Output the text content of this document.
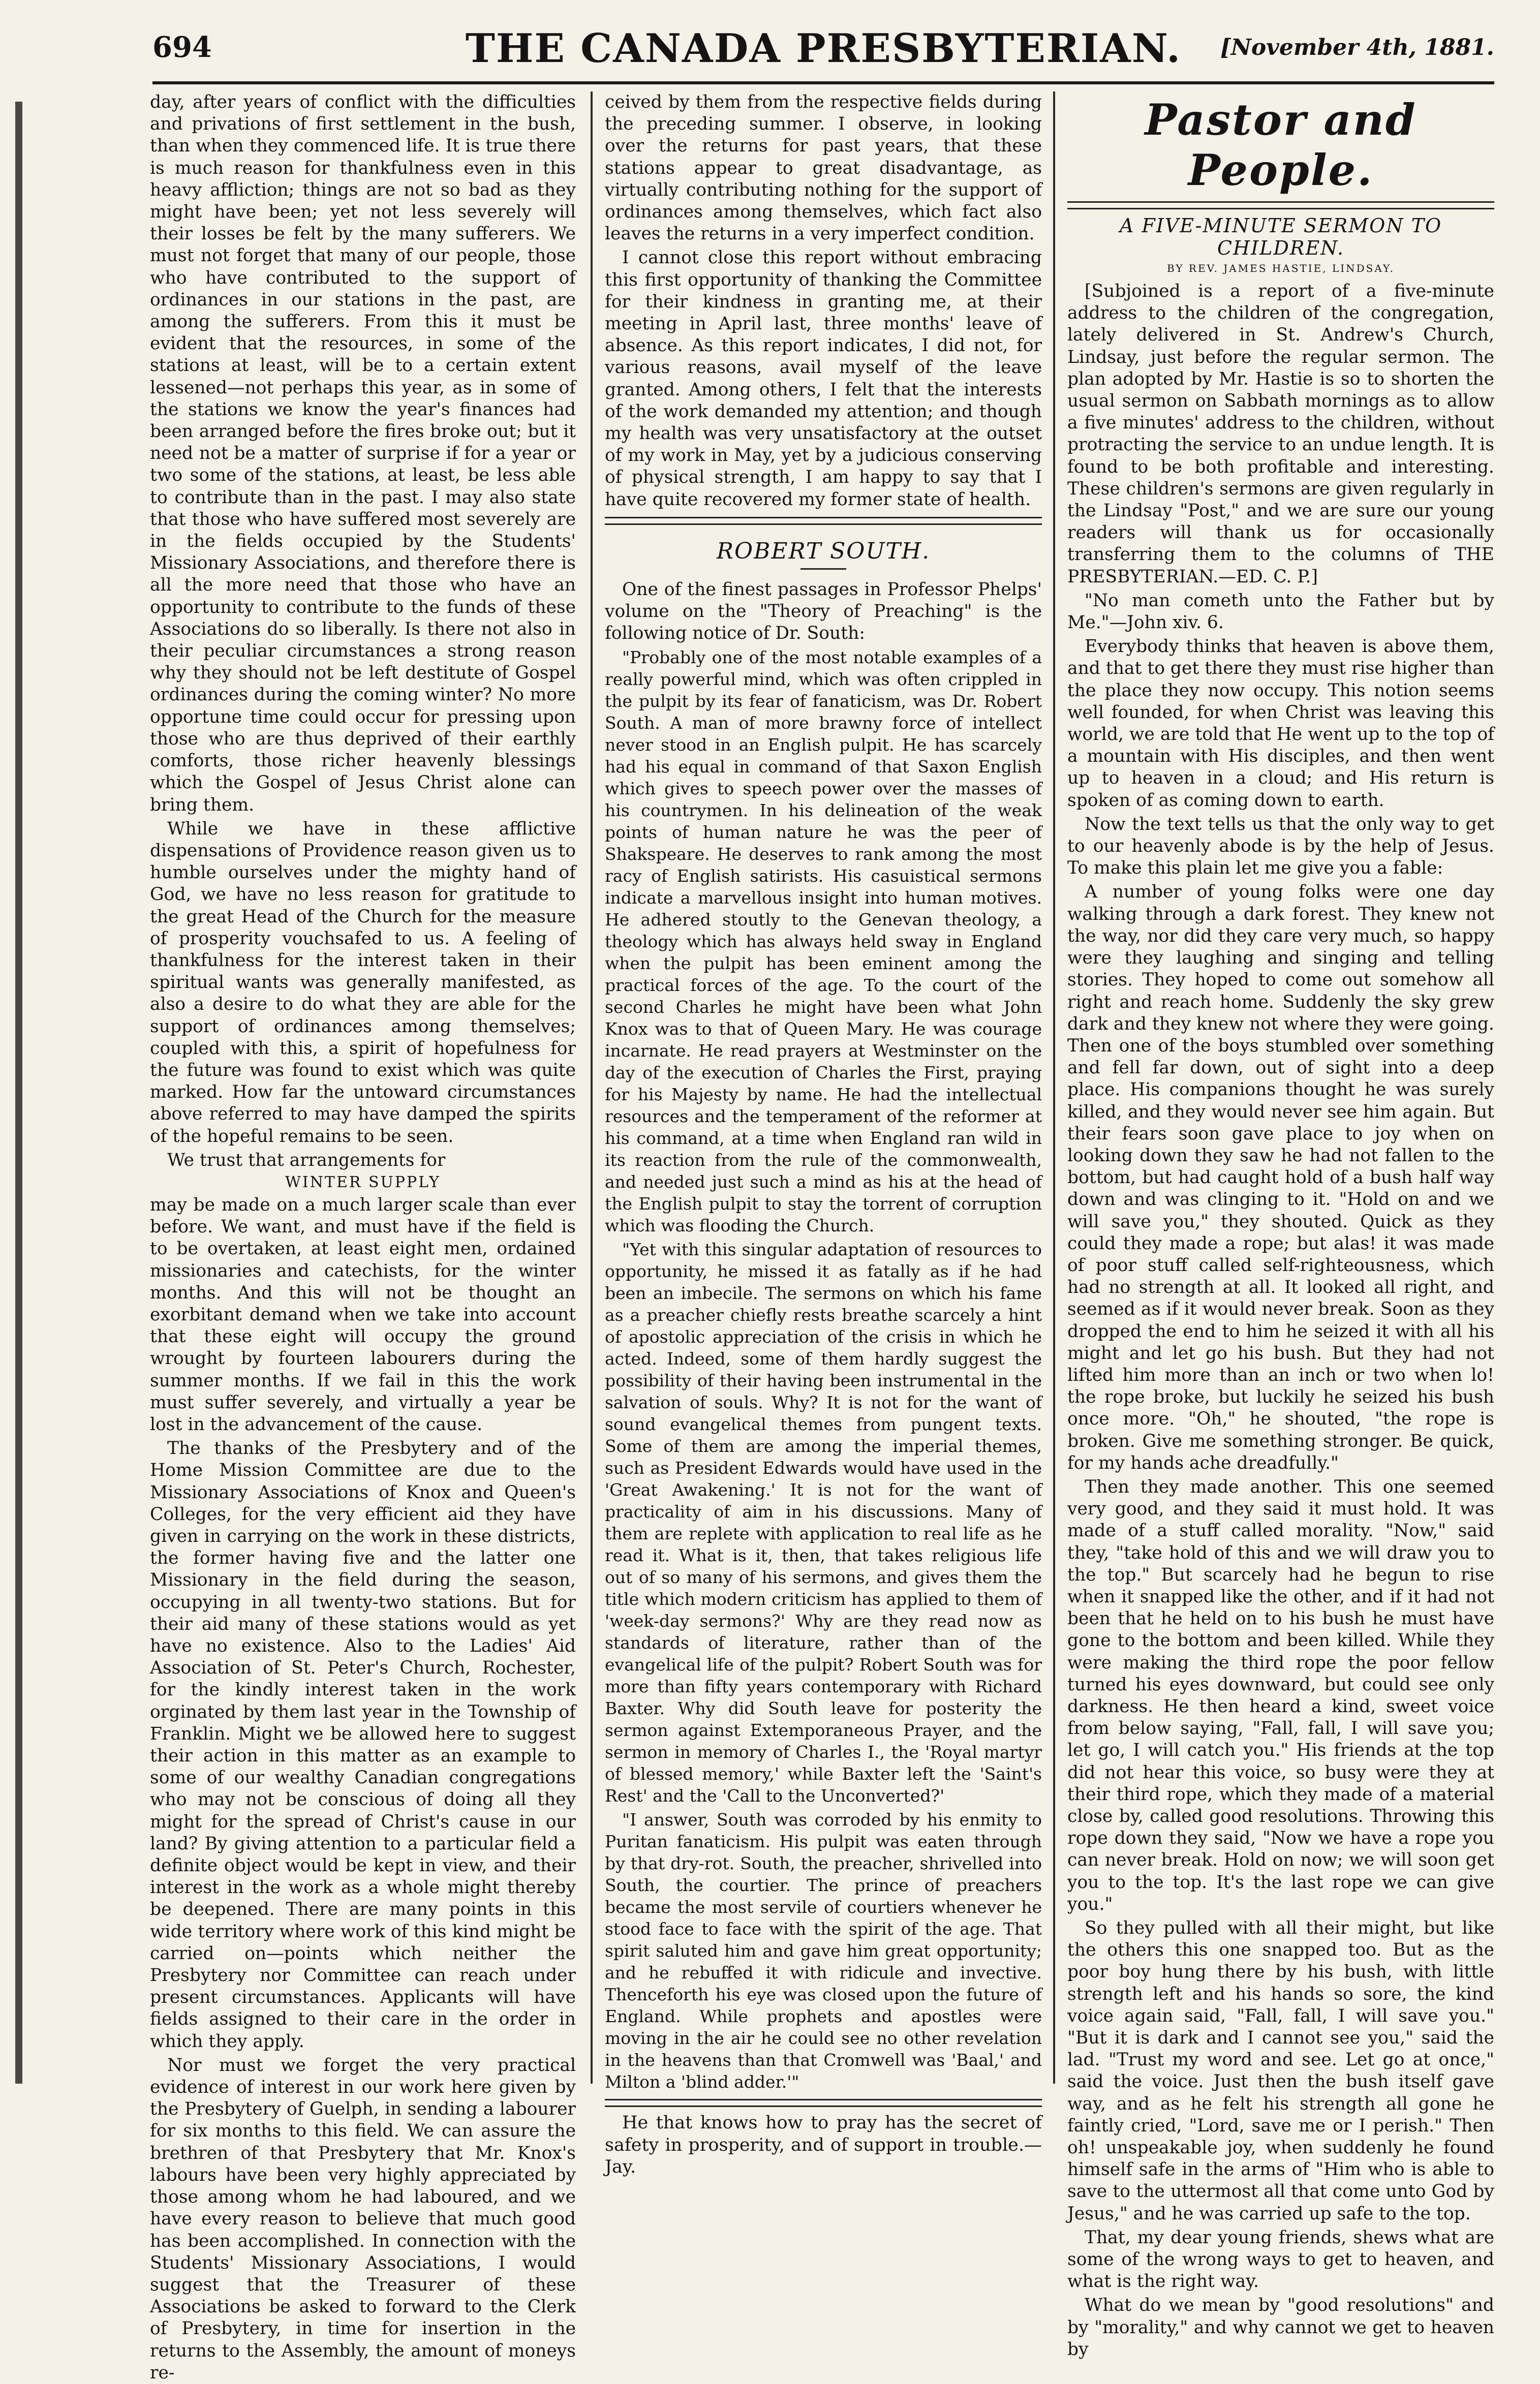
694	THE CANADA PRESBYTERIAN.	[November 4th, 1881.

day, after years of conflict with the difficulties and privations of first settlement in the bush, than when they commenced life. It is true there is much reason for thankfulness even in this heavy affliction; things are not so bad as they might have been; yet not less severely will their losses be felt by the many sufferers. We must not forget that many of our people, those who have contributed to the support of ordinances in our stations in the past, are among the sufferers. From this it must be evident that the resources, in some of the stations at least, will be to a certain extent lessened—not perhaps this year, as in some of the stations we know the year's finances had been arranged before the fires broke out; but it need not be a matter of surprise if for a year or two some of the stations, at least, be less able to contribute than in the past. I may also state that those who have suffered most severely are in the fields occupied by the Students' Missionary Associations, and therefore there is all the more need that those who have an opportunity to contribute to the funds of these Associations do so liberally. Is there not also in their peculiar circumstances a strong reason why they should not be left destitute of Gospel ordinances during the coming winter? No more opportune time could occur for pressing upon those who are thus deprived of their earthly comforts, those richer heavenly blessings which the Gospel of Jesus Christ alone can bring them.

While we have in these afflictive dispensations of Providence reason given us to humble ourselves under the mighty hand of God, we have no less reason for gratitude to the great Head of the Church for the measure of prosperity vouchsafed to us. A feeling of thankfulness for the interest taken in their spiritual wants was generally manifested, as also a desire to do what they are able for the support of ordinances among themselves; coupled with this, a spirit of hopefulness for the future was found to exist which was quite marked. How far the untoward circumstances above referred to may have damped the spirits of the hopeful remains to be seen.

We trust that arrangements for

WINTER SUPPLY

may be made on a much larger scale than ever before. We want, and must have if the field is to be overtaken, at least eight men, ordained missionaries and catechists, for the winter months. And this will not be thought an exorbitant demand when we take into account that these eight will occupy the ground wrought by fourteen labourers during the summer months. If we fail in this the work must suffer severely, and virtually a year be lost in the advancement of the cause.

The thanks of the Presbytery and of the Home Mission Committee are due to the Missionary Associations of Knox and Queen's Colleges, for the very efficient aid they have given in carrying on the work in these districts, the former having five and the latter one Missionary in the field during the season, occupying in all twenty-two stations. But for their aid many of these stations would as yet have no existence. Also to the Ladies' Aid Association of St. Peter's Church, Rochester, for the kindly interest taken in the work orginated by them last year in the Township of Franklin. Might we be allowed here to suggest their action in this matter as an example to some of our wealthy Canadian congregations who may not be conscious of doing all they might for the spread of Christ's cause in our land? By giving attention to a particular field a definite object would be kept in view, and their interest in the work as a whole might thereby be deepened. There are many points in this wide territory where work of this kind might be carried on—points which neither the Presbytery nor Committee can reach under present circumstances. Applicants will have fields assigned to their care in the order in which they apply.

Nor must we forget the very practical evidence of interest in our work here given by the Presbytery of Guelph, in sending a labourer for six months to this field. We can assure the brethren of that Presbytery that Mr. Knox's labours have been very highly appreciated by those among whom he had laboured, and we have every reason to believe that much good has been accomplished. In connection with the Students' Missionary Associations, I would suggest that the Treasurer of these Associations be asked to forward to the Clerk of Presbytery, in time for insertion in the returns to the Assembly, the amount of moneys re-

ceived by them from the respective fields during the preceding summer. I observe, in looking over the returns for past years, that these stations appear to great disadvantage, as virtually contributing nothing for the support of ordinances among themselves, which fact also leaves the returns in a very imperfect condition.

I cannot close this report without embracing this first opportunity of thanking the Committee for their kindness in granting me, at their meeting in April last, three months' leave of absence. As this report indicates, I did not, for various reasons, avail myself of the leave granted. Among others, I felt that the interests of the work demanded my attention; and though my health was very unsatisfactory at the outset of my work in May, yet by a judicious conserving of physical strength, I am happy to say that I have quite recovered my former state of health.

ROBERT SOUTH.

One of the finest passages in Professor Phelps' volume on the "Theory of Preaching" is the following notice of Dr. South:

"Probably one of the most notable examples of a really powerful mind, which was often crippled in the pulpit by its fear of fanaticism, was Dr. Robert South. A man of more brawny force of intellect never stood in an English pulpit. He has scarcely had his equal in command of that Saxon English which gives to speech power over the masses of his countrymen. In his delineation of the weak points of human nature he was the peer of Shakspeare. He deserves to rank among the most racy of English satirists. His casuistical sermons indicate a marvellous insight into human motives. He adhered stoutly to the Genevan theology, a theology which has always held sway in England when the pulpit has been eminent among the practical forces of the age. To the court of the second Charles he might have been what John Knox was to that of Queen Mary. He was courage incarnate. He read prayers at Westminster on the day of the execution of Charles the First, praying for his Majesty by name. He had the intellectual resources and the temperament of the reformer at his command, at a time when England ran wild in its reaction from the rule of the commonwealth, and needed just such a mind as his at the head of the English pulpit to stay the torrent of corruption which was flooding the Church.

"Yet with this singular adaptation of resources to opportunity, he missed it as fatally as if he had been an imbecile. The sermons on which his fame as a preacher chiefly rests breathe scarcely a hint of apostolic appreciation of the crisis in which he acted. Indeed, some of them hardly suggest the possibility of their having been instrumental in the salvation of souls. Why? It is not for the want of sound evangelical themes from pungent texts. Some of them are among the imperial themes, such as President Edwards would have used in the 'Great Awakening.' It is not for the want of practicality of aim in his discussions. Many of them are replete with application to real life as he read it. What is it, then, that takes religious life out of so many of his sermons, and gives them the title which modern criticism has applied to them of 'week-day sermons?' Why are they read now as standards of literature, rather than of the evangelical life of the pulpit? Robert South was for more than fifty years contemporary with Richard Baxter. Why did South leave for posterity the sermon against Extemporaneous Prayer, and the sermon in memory of Charles I., the 'Royal martyr of blessed memory,' while Baxter left the 'Saint's Rest' and the 'Call to the Unconverted?'

"I answer, South was corroded by his enmity to Puritan fanaticism. His pulpit was eaten through by that dry-rot. South, the preacher, shrivelled into South, the courtier. The prince of preachers became the most servile of courtiers whenever he stood face to face with the spirit of the age. That spirit saluted him and gave him great opportunity; and he rebuffed it with ridicule and invective. Thenceforth his eye was closed upon the future of England. While prophets and apostles were moving in the air he could see no other revelation in the heavens than that Cromwell was 'Baal,' and Milton a 'blind adder.'"

He that knows how to pray has the secret of safety in prosperity, and of support in trouble.—Jay.

Pastor and People.
A FIVE-MINUTE SERMON TO CHILDREN.
BY REV. JAMES HASTIE, LINDSAY.

[Subjoined is a report of a five-minute address to the children of the congregation, lately delivered in St. Andrew's Church, Lindsay, just before the regular sermon. The plan adopted by Mr. Hastie is so to shorten the usual sermon on Sabbath mornings as to allow a five minutes' address to the children, without protracting the service to an undue length. It is found to be both profitable and interesting. These children's sermons are given regularly in the Lindsay "Post," and we are sure our young readers will thank us for occasionally transferring them to the columns of THE PRESBYTERIAN.—ED. C. P.]

"No man cometh unto the Father but by Me."—John xiv. 6.

Everybody thinks that heaven is above them, and that to get there they must rise higher than the place they now occupy. This notion seems well founded, for when Christ was leaving this world, we are told that He went up to the top of a mountain with His disciples, and then went up to heaven in a cloud; and His return is spoken of as coming down to earth.

Now the text tells us that the only way to get to our heavenly abode is by the help of Jesus. To make this plain let me give you a fable:

A number of young folks were one day walking through a dark forest. They knew not the way, nor did they care very much, so happy were they laughing and singing and telling stories. They hoped to come out somehow all right and reach home. Suddenly the sky grew dark and they knew not where they were going. Then one of the boys stumbled over something and fell far down, out of sight into a deep place. His companions thought he was surely killed, and they would never see him again. But their fears soon gave place to joy when on looking down they saw he had not fallen to the bottom, but had caught hold of a bush half way down and was clinging to it. "Hold on and we will save you," they shouted. Quick as they could they made a rope; but alas! it was made of poor stuff called self-righteousness, which had no strength at all. It looked all right, and seemed as if it would never break. Soon as they dropped the end to him he seized it with all his might and let go his bush. But they had not lifted him more than an inch or two when lo! the rope broke, but luckily he seized his bush once more. "Oh," he shouted, "the rope is broken. Give me something stronger. Be quick, for my hands ache dreadfully."

Then they made another. This one seemed very good, and they said it must hold. It was made of a stuff called morality. "Now," said they, "take hold of this and we will draw you to the top." But scarcely had he begun to rise when it snapped like the other, and if it had not been that he held on to his bush he must have gone to the bottom and been killed. While they were making the third rope the poor fellow turned his eyes downward, but could see only darkness. He then heard a kind, sweet voice from below saying, "Fall, fall, I will save you; let go, I will catch you." His friends at the top did not hear this voice, so busy were they at their third rope, which they made of a material close by, called good resolutions. Throwing this rope down they said, "Now we have a rope you can never break. Hold on now; we will soon get you to the top. It's the last rope we can give you."

So they pulled with all their might, but like the others this one snapped too. But as the poor boy hung there by his bush, with little strength left and his hands so sore, the kind voice again said, "Fall, fall, I will save you." "But it is dark and I cannot see you," said the lad. "Trust my word and see. Let go at once," said the voice. Just then the bush itself gave way, and as he felt his strength all gone he faintly cried, "Lord, save me or I perish." Then oh! unspeakable joy, when suddenly he found himself safe in the arms of "Him who is able to save to the uttermost all that come unto God by Jesus," and he was carried up safe to the top.

That, my dear young friends, shews what are some of the wrong ways to get to heaven, and what is the right way.

What do we mean by "good resolutions" and by "morality," and why cannot we get to heaven by
